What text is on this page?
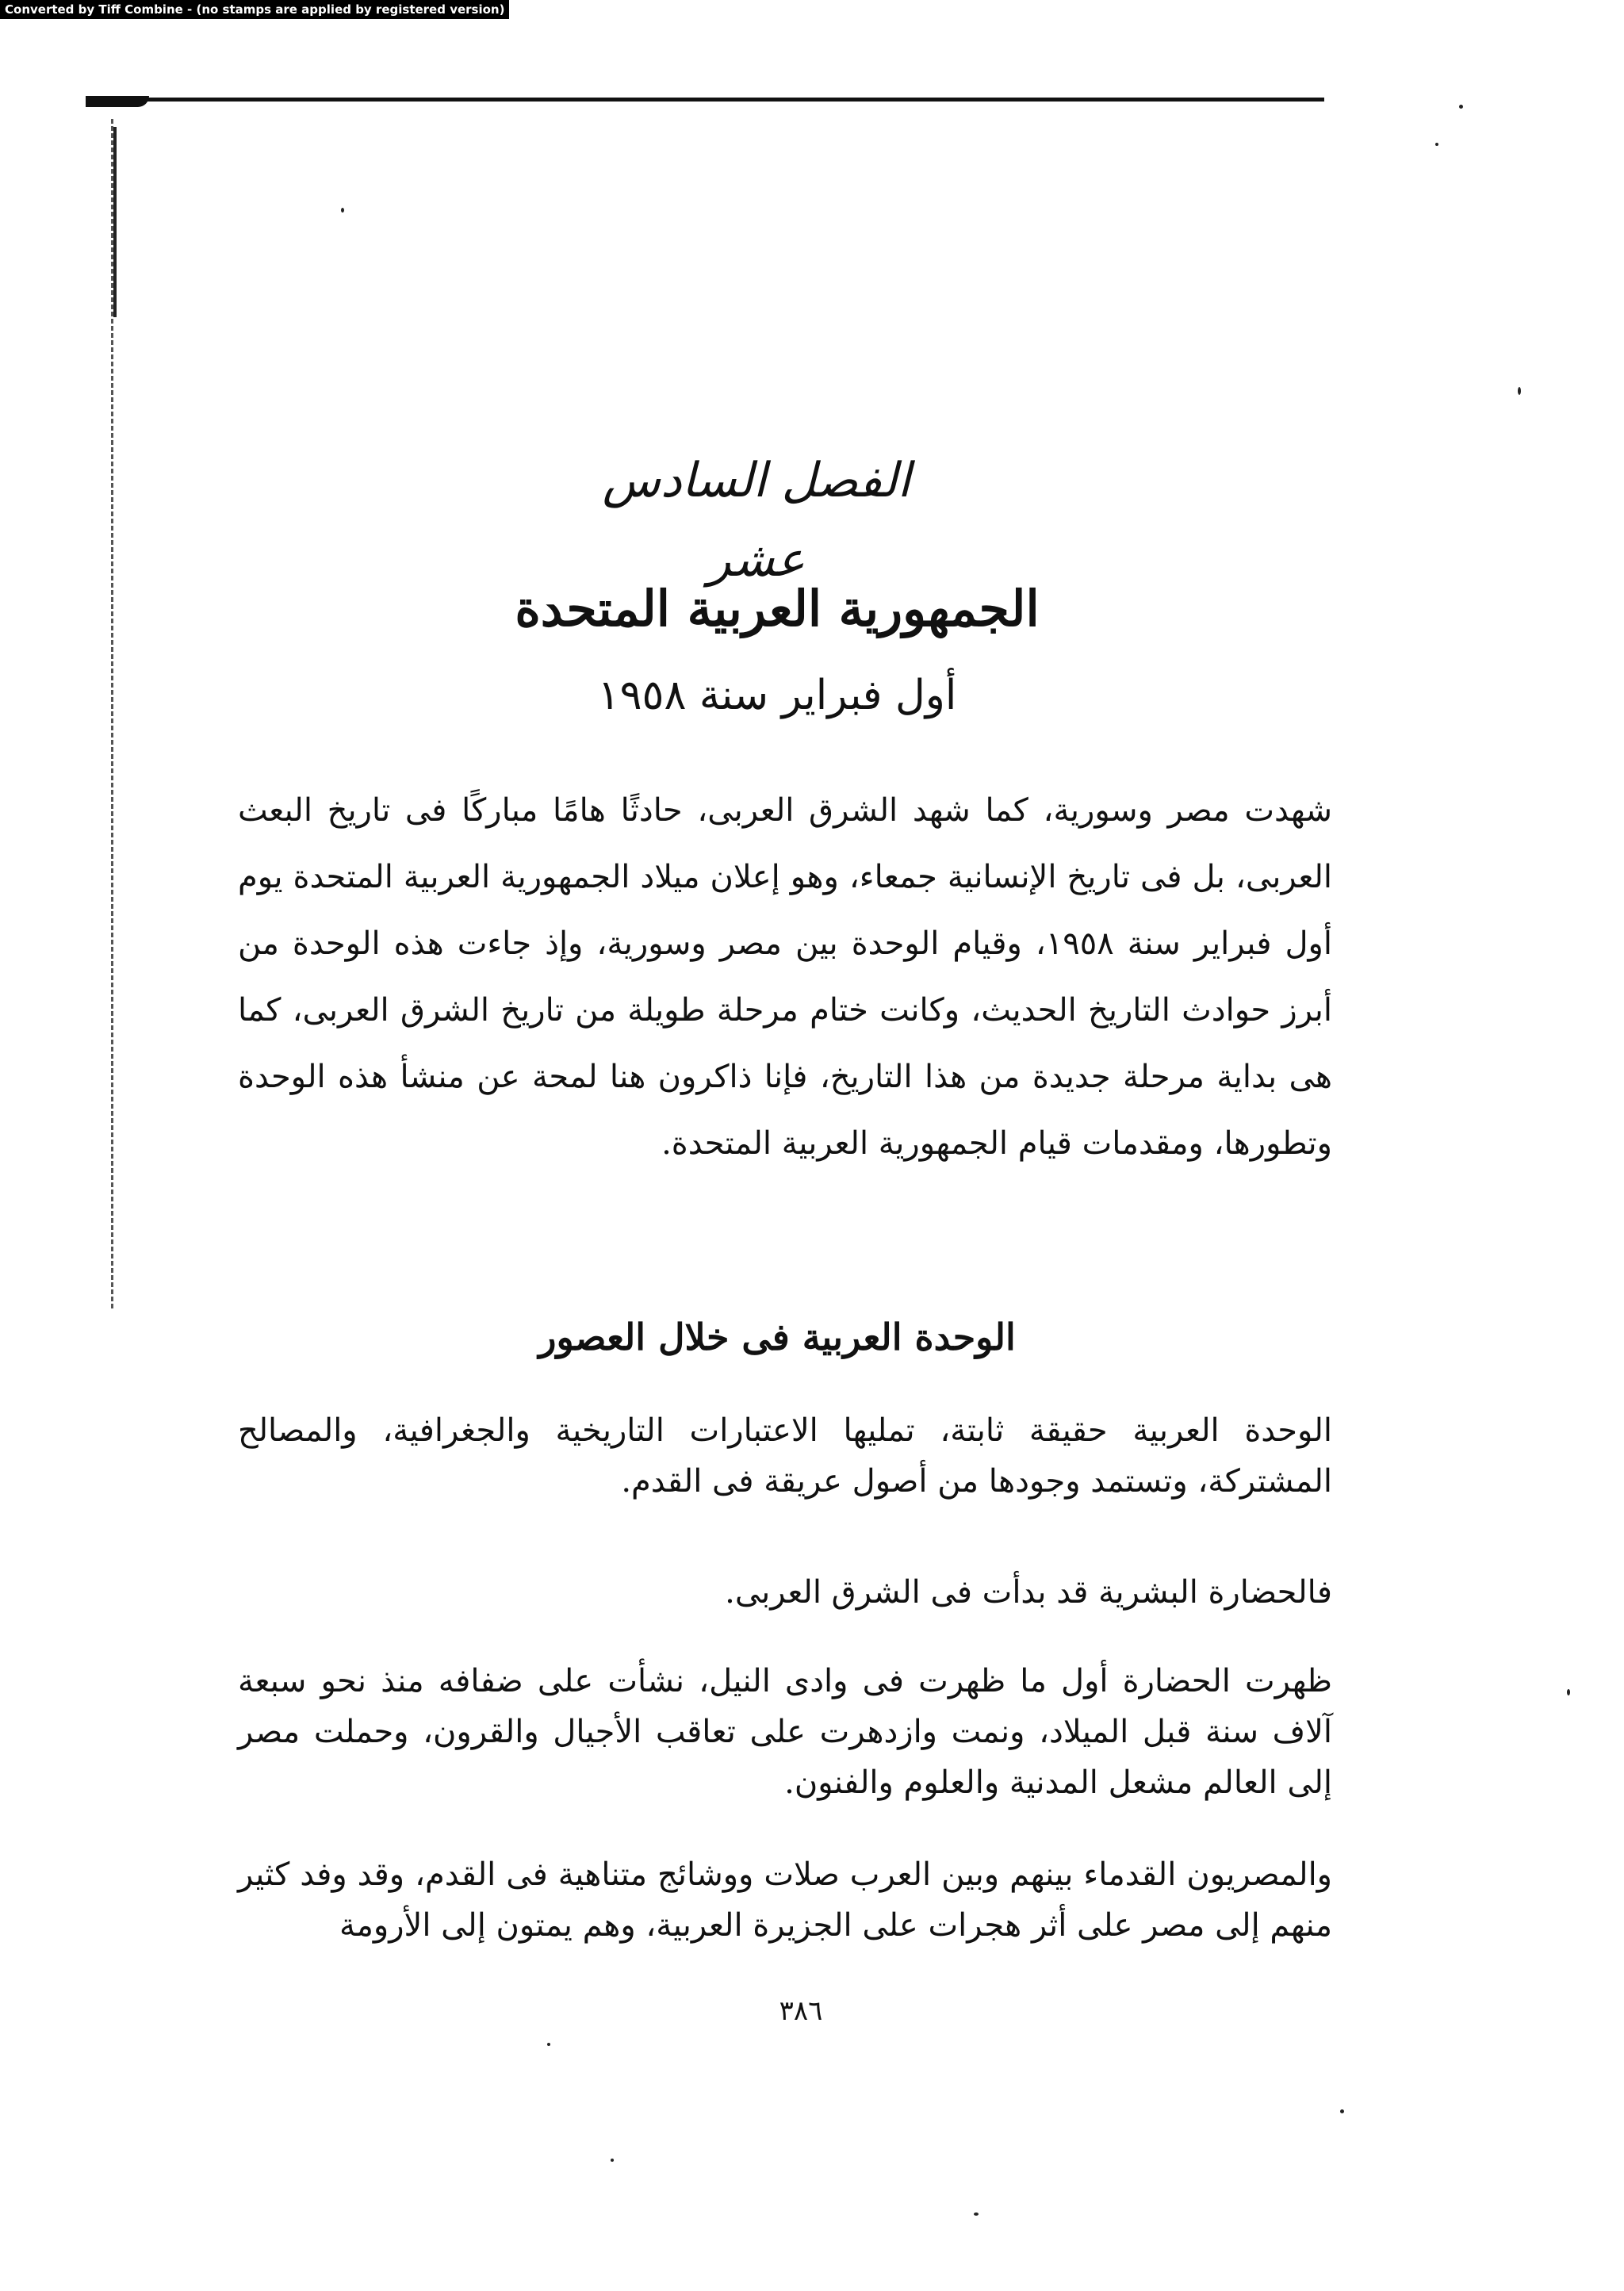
Converted by Tiff Combine - (no stamps are applied by registered version)
الفصل السادس عشر
الجمهورية العربية المتحدة
أول فبراير سنة ١٩٥٨
شهدت مصر وسورية، كما شهد الشرق العربى، حادثًا هامًا مباركًا فى تاريخ البعث العربى، بل فى تاريخ الإنسانية جمعاء، وهو إعلان ميلاد الجمهورية العربية المتحدة يوم أول فبراير سنة ١٩٥٨، وقيام الوحدة بين مصر وسورية، وإذ جاءت هذه الوحدة من أبرز حوادث التاريخ الحديث، وكانت ختام مرحلة طويلة من تاريخ الشرق العربى، كما هى بداية مرحلة جديدة من هذا التاريخ، فإنا ذاكرون هنا لمحة عن منشأ هذه الوحدة وتطورها، ومقدمات قيام الجمهورية العربية المتحدة.
الوحدة العربية فى خلال العصور
الوحدة العربية حقيقة ثابتة، تمليها الاعتبارات التاريخية والجغرافية، والمصالح المشتركة، وتستمد وجودها من أصول عريقة فى القدم.
فالحضارة البشرية قد بدأت فى الشرق العربى.
ظهرت الحضارة أول ما ظهرت فى وادى النيل، نشأت على ضفافه منذ نحو سبعة آلاف سنة قبل الميلاد، ونمت وازدهرت على تعاقب الأجيال والقرون، وحملت مصر إلى العالم مشعل المدنية والعلوم والفنون.
والمصريون القدماء بينهم وبين العرب صلات ووشائج متناهية فى القدم، وقد وفد كثير منهم إلى مصر على أثر هجرات على الجزيرة العربية، وهم يمتون إلى الأرومة
٣٨٦
